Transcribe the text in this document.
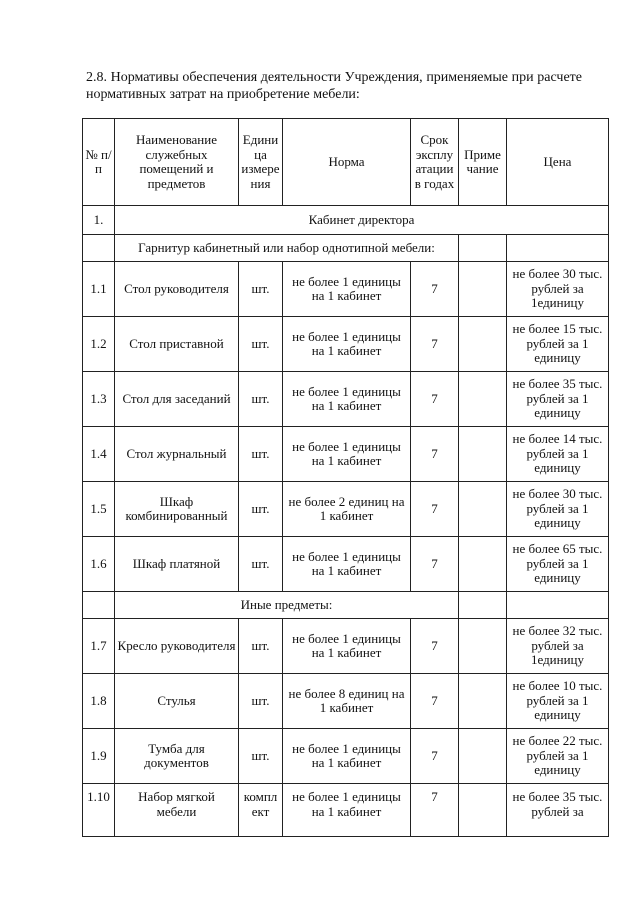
2.8. Нормативы обеспечения деятельности Учреждения, применяемые при расчете нормативных затрат на приобретение мебели:

№ п/п	Наименование служебных помещений и предметов	Едини ца измере ния	Норма	Срок эксплу атации в годах	Приме чание	Цена
1.	Кабинет директора					
	Гарнитур кабинетный или набор однотипной мебели:					
1.1	Стол руководителя	шт.	не более 1 единицы на 1 кабинет	7		не более 30 тыс. рублей за 1единицу
1.2	Стол приставной	шт.	не более 1 единицы на 1 кабинет	7		не более 15 тыс. рублей за 1 единицу
1.3	Стол для заседаний	шт.	не более 1 единицы на 1 кабинет	7		не более 35 тыс. рублей за 1 единицу
1.4	Стол журнальный	шт.	не более 1 единицы на 1 кабинет	7		не более 14 тыс. рублей за 1 единицу
1.5	Шкаф комбинированный	шт.	не более 2 единиц на 1 кабинет	7		не более 30 тыс. рублей за 1 единицу
1.6	Шкаф платяной	шт.	не более 1 единицы на 1 кабинет	7		не более 65 тыс. рублей за 1 единицу
	Иные предметы:					
1.7	Кресло руководителя	шт.	не более 1 единицы на 1 кабинет	7		не более 32 тыс. рублей за 1единицу
1.8	Стулья	шт.	не более 8 единиц на 1 кабинет	7		не более 10 тыс. рублей за 1 единицу
1.9	Тумба для документов	шт.	не более 1 единицы на 1 кабинет	7		не более 22 тыс. рублей за 1 единицу
1.10	Набор мягкой мебели	компл ект	не более 1 единицы на 1 кабинет	7		не более 35 тыс. рублей за
